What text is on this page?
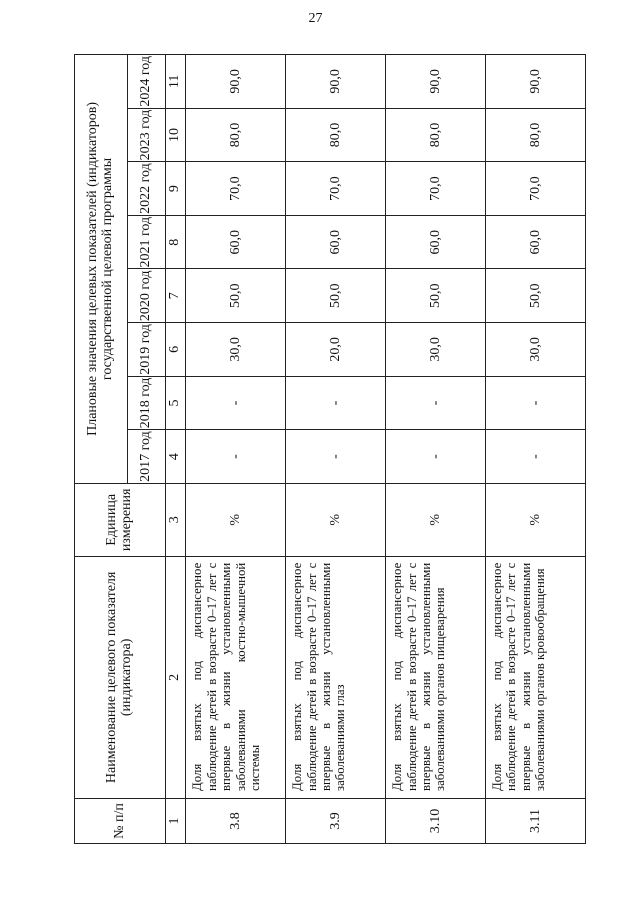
27
№ п/п	Наименование целевого показателя (индикатора)	Единица измерения	Плановые значения целевых показателей (индикаторов) государственной целевой программы							

			2017 год	2018 год	2019 год	2020 год	2021 год	2022 год	2023 год	2024 год

1	2	3	4	5	6	7	8	9	10	11
3.8	Доля взятых под диспансерное наблюдение детей в возрасте 0–17 лет с впервые в жизни установленными заболеваниями костно-мышечной системы	%	-	-	30,0	50,0	60,0	70,0	80,0	90,0
3.9	Доля взятых под диспансерное наблюдение детей в возрасте 0–17 лет с впервые в жизни установленными заболеваниями глаз	%	-	-	20,0	50,0	60,0	70,0	80,0	90,0
3.10	Доля взятых под диспансерное наблюдение детей в возрасте 0–17 лет с впервые в жизни установленными заболеваниями органов пищеварения	%	-	-	30,0	50,0	60,0	70,0	80,0	90,0
3.11	Доля взятых под диспансерное наблюдение детей в возрасте 0–17 лет с впервые в жизни установленными заболеваниями органов кровообращения	%	-	-	30,0	50,0	60,0	70,0	80,0	90,0
